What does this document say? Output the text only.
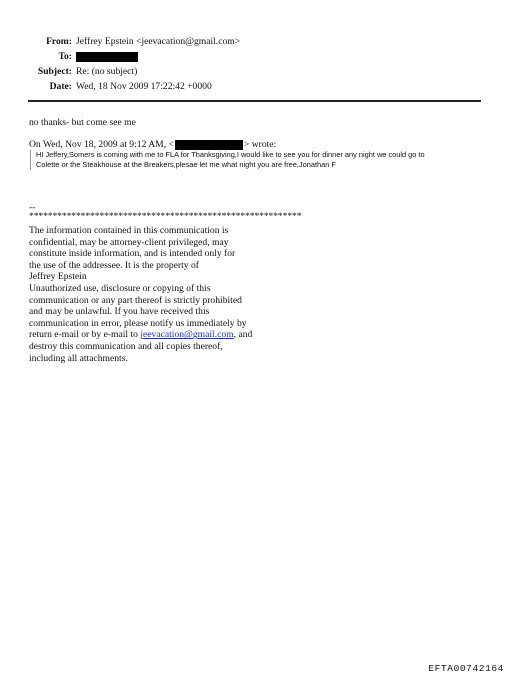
From: Jeffrey Epstein <jeevacation@gmail.com>
To:
Subject: Re: (no subject)
Date: Wed, 18 Nov 2009 17:22:42 +0000
no thanks- but come see me
On Wed, Nov 18, 2009 at 9:12 AM, <	> wrote:
HI Jeffery,Somers is coming with me to FLA for Thanksgiving,I would like to see you for dinner any night we could go to
Colette or the Steakhouse at the Breakers,plesae let me what night you are free,Jonathan F
--
**********************************************************
The information contained in this communication is
confidential, may be attorney-client privileged, may
constitute inside information, and is intended only for
the use of the addressee. It is the property of
Jeffrey Epstein
Unauthorized use, disclosure or copying of this
communication or any part thereof is strictly prohibited
and may be unlawful. If you have received this
communication in error, please notify us immediately by
return e-mail or by e-mail to jeevacation@gmail.com, and
destroy this communication and all copies thereof,
including all attachments.
EFTA00742164
